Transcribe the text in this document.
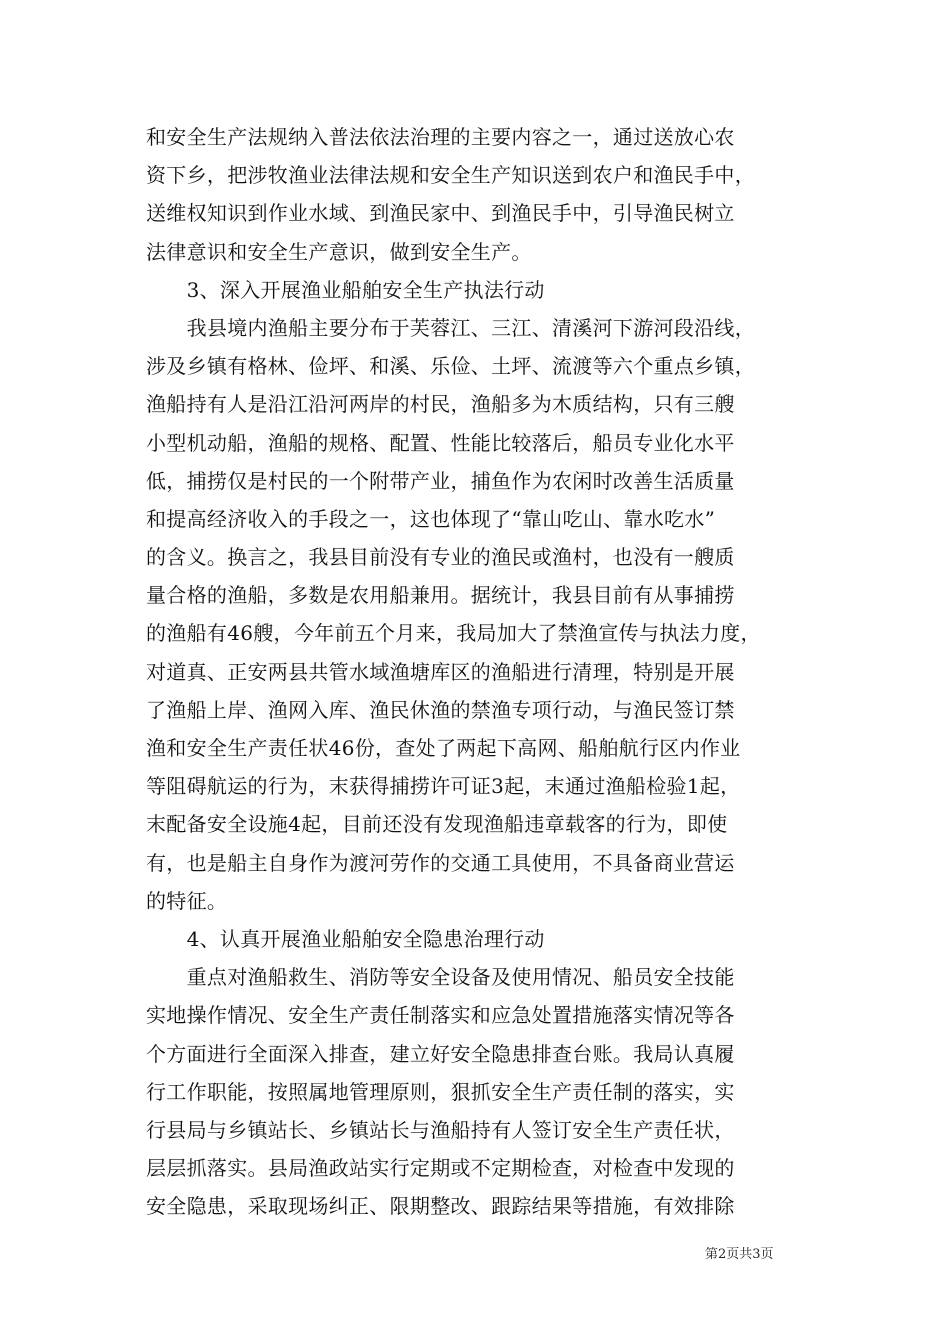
和安全生产法规纳入普法依法治理的主要内容之一，通过送放心农
资下乡，把涉牧渔业法律法规和安全生产知识送到农户和渔民手中，
送维权知识到作业水域、到渔民家中、到渔民手中，引导渔民树立
法律意识和安全生产意识，做到安全生产。
　　3、深入开展渔业船舶安全生产执法行动
　　我县境内渔船主要分布于芙蓉江、三江、清溪河下游河段沿线，
涉及乡镇有格林、俭坪、和溪、乐俭、土坪、流渡等六个重点乡镇，
渔船持有人是沿江沿河两岸的村民，渔船多为木质结构，只有三艘
小型机动船，渔船的规格、配置、性能比较落后，船员专业化水平
低，捕捞仅是村民的一个附带产业，捕鱼作为农闲时改善生活质量
和提高经济收入的手段之一，这也体现了“靠山吃山、靠水吃水”
的含义。换言之，我县目前没有专业的渔民或渔村，也没有一艘质
量合格的渔船，多数是农用船兼用。据统计，我县目前有从事捕捞
的渔船有46艘，今年前五个月来，我局加大了禁渔宣传与执法力度，
对道真、正安两县共管水域渔塘库区的渔船进行清理，特别是开展
了渔船上岸、渔网入库、渔民休渔的禁渔专项行动，与渔民签订禁
渔和安全生产责任状46份，查处了两起下高网、船舶航行区内作业
等阻碍航运的行为，末获得捕捞许可证3起，末通过渔船检验1起，
末配备安全设施4起，目前还没有发现渔船违章载客的行为，即使
有，也是船主自身作为渡河劳作的交通工具使用，不具备商业营运
的特征。
　　4、认真开展渔业船舶安全隐患治理行动
　　重点对渔船救生、消防等安全设备及使用情况、船员安全技能
实地操作情况、安全生产责任制落实和应急处置措施落实情况等各
个方面进行全面深入排查，建立好安全隐患排查台账。我局认真履
行工作职能，按照属地管理原则，狠抓安全生产责任制的落实，实
行县局与乡镇站长、乡镇站长与渔船持有人签订安全生产责任状，
层层抓落实。县局渔政站实行定期或不定期检查，对检查中发现的
安全隐患，采取现场纠正、限期整改、跟踪结果等措施，有效排除
第2页共3页
